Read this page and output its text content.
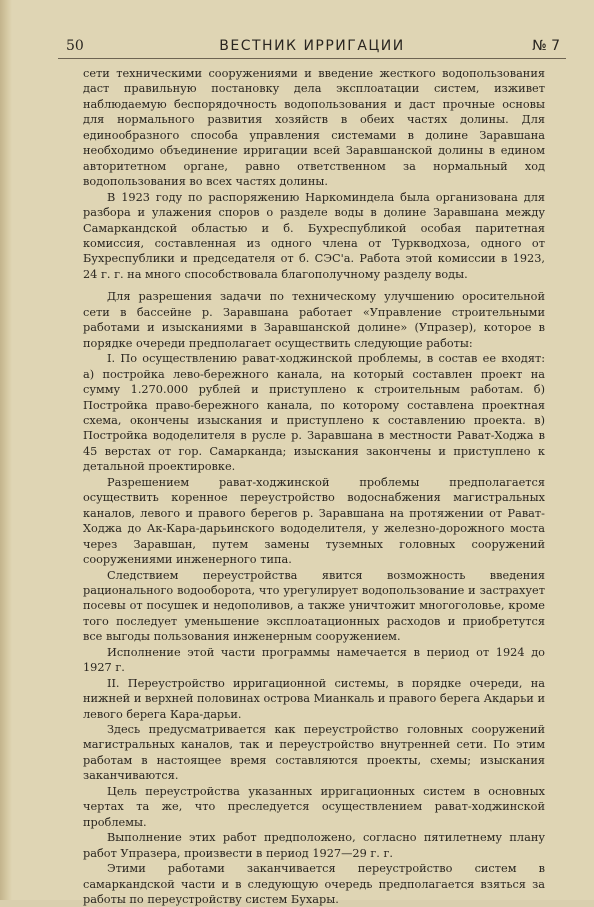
50	ВЕСТНИК ИРРИГАЦИИ	№ 7

сети техническими сооружениями и введение жесткого водопользования даст правильную постановку дела эксплоатации систем, изживет наблюдаемую беспорядочность водопользования и даст прочные основы для нормального развития хозяйств в обеих частях долины. Для единообразного способа управления системами в долине Заравшана необходимо объединение ирригации всей Заравшанской долины в едином авторитетном органе, равно ответственном за нормальный ход водопользования во всех частях долины.

В 1923 году по распоряжению Наркоминдела была организована для разбора и улажения споров о разделе воды в долине Заравшана между Самаркандской областью и б. Бухреспубликой особая паритетная комиссия, составленная из одного члена от Туркводхоза, одного от Бухреспублики и председателя от б. СЭС'а. Работа этой комиссии в 1923, 24 г. г. на много способствовала благополучному разделу воды.

Для разрешения задачи по техническому улучшению оросительной сети в бассейне р. Заравшана работает «Управление строительными работами и изысканиями в Заравшанской долине» (Упразер), которое в порядке очереди предполагает осуществить следующие работы:

I. По осуществлению рават-ходжинской проблемы, в состав ее входят: а) постройка лево-бережного канала, на который составлен проект на сумму 1.270.000 рублей и приступлено к строительным работам. б) Постройка право-бережного канала, по которому составлена проектная схема, окончены изыскания и приступлено к составлению проекта. в) Постройка вододелителя в русле р. Заравшана в местности Рават-Ходжа в 45 верстах от гор. Самарканда; изыскания закончены и приступлено к детальной проектировке.

Разрешением рават-ходжинской проблемы предполагается осуществить коренное переустройство водоснабжения магистральных каналов, левого и правого берегов р. Заравшана на протяжении от Рават-Ходжа до Ак-Кара-дарьинского вододелителя, у железно-дорожного моста через Заравшан, путем замены туземных головных сооружений сооружениями инженерного типа.

Следствием переустройства явится возможность введения рационального водооборота, что урегулирует водопользование и застрахует посевы от посушек и недополивов, а также уничтожит многоголовье, кроме того последует уменьшение эксплоатационных расходов и приобретутся все выгоды пользования инженерным сооружением.

Исполнение этой части программы намечается в период от 1924 до 1927 г.

II. Переустройство ирригационной системы, в порядке очереди, на нижней и верхней половинах острова Мианкаль и правого берега Акдарьи и левого берега Кара-дарьи.

Здесь предусматривается как переустройство головных сооружений магистральных каналов, так и переустройство внутренней сети. По этим работам в настоящее время составляются проекты, схемы; изыскания заканчиваются.

Цель переустройства указанных ирригационных систем в основных чертах та же, что преследуется осуществлением рават-ходжинской проблемы.

Выполнение этих работ предположено, согласно пятилетнему плану работ Упразера, произвести в период 1927—29 г. г.

Этими работами заканчивается переустройство систем в самаркандской части и в следующую очередь предполагается взяться за работы по переустройству систем Бухары.
